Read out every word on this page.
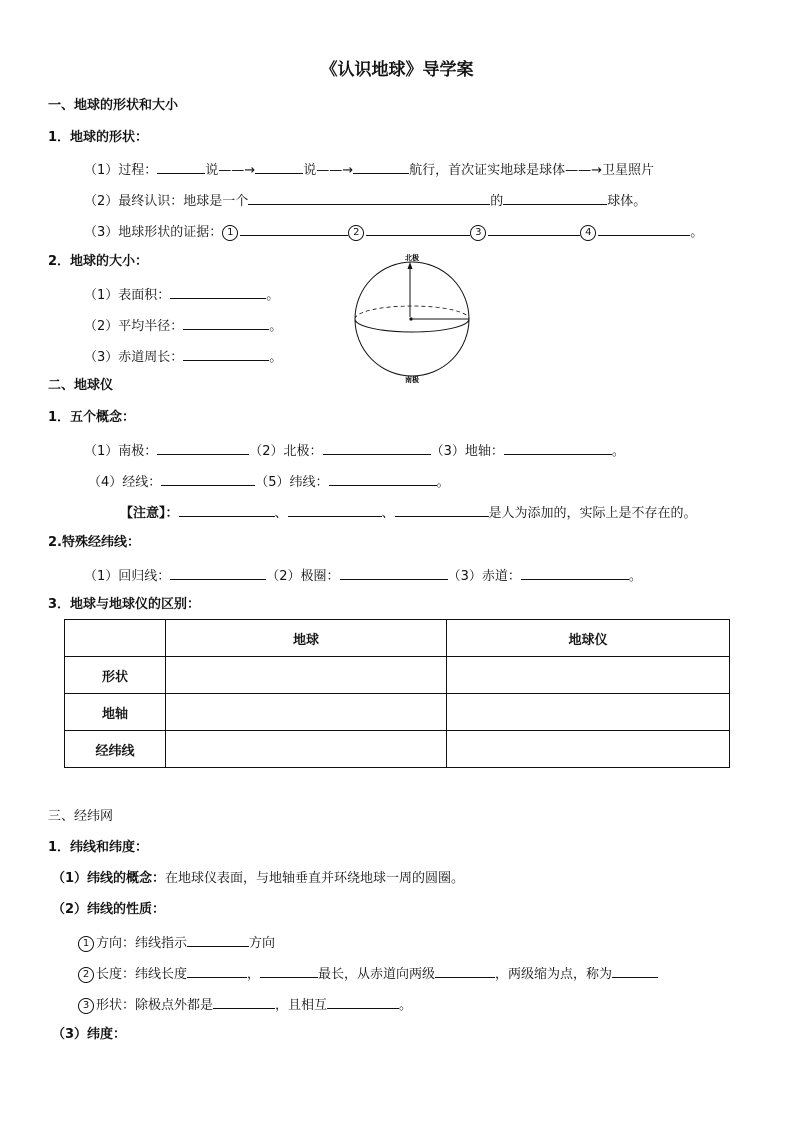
《认识地球》导学案
一、地球的形状和大小
1．地球的形状：
（1）过程：	说——→	说——→	航行，首次证实地球是球体——→卫星照片
（2）最终认识：地球是一个	的	球体。
（3）地球形状的证据： 1	2	3	4	。
2．地球的大小：
（1）表面积：	。
（2）平均半径：	。
（3）赤道周长：	。
北极
南极
二、地球仪
1．五个概念：
（1）南极：	（2）北极：	（3）地轴：	。
（4）经线：	（5）纬线：	。
【注意】：	、	、	是人为添加的，实际上是不存在的。
2.特殊经纬线：
（1）回归线：	（2）极圈：	（3）赤道：	。
3．地球与地球仪的区别：
	地球	地球仪
形状		
地轴		
经纬线		
三、经纬网
1．纬线和纬度：
（1）纬线的概念：在地球仪表面，与地轴垂直并环绕地球一周的圆圈。
（2）纬线的性质：
1 方向：纬线指示	方向
2 长度：纬线长度	，	最长，从赤道向两级	，两级缩为点，称为
3 形状：除极点外都是	，且相互	。
（3）纬度：
